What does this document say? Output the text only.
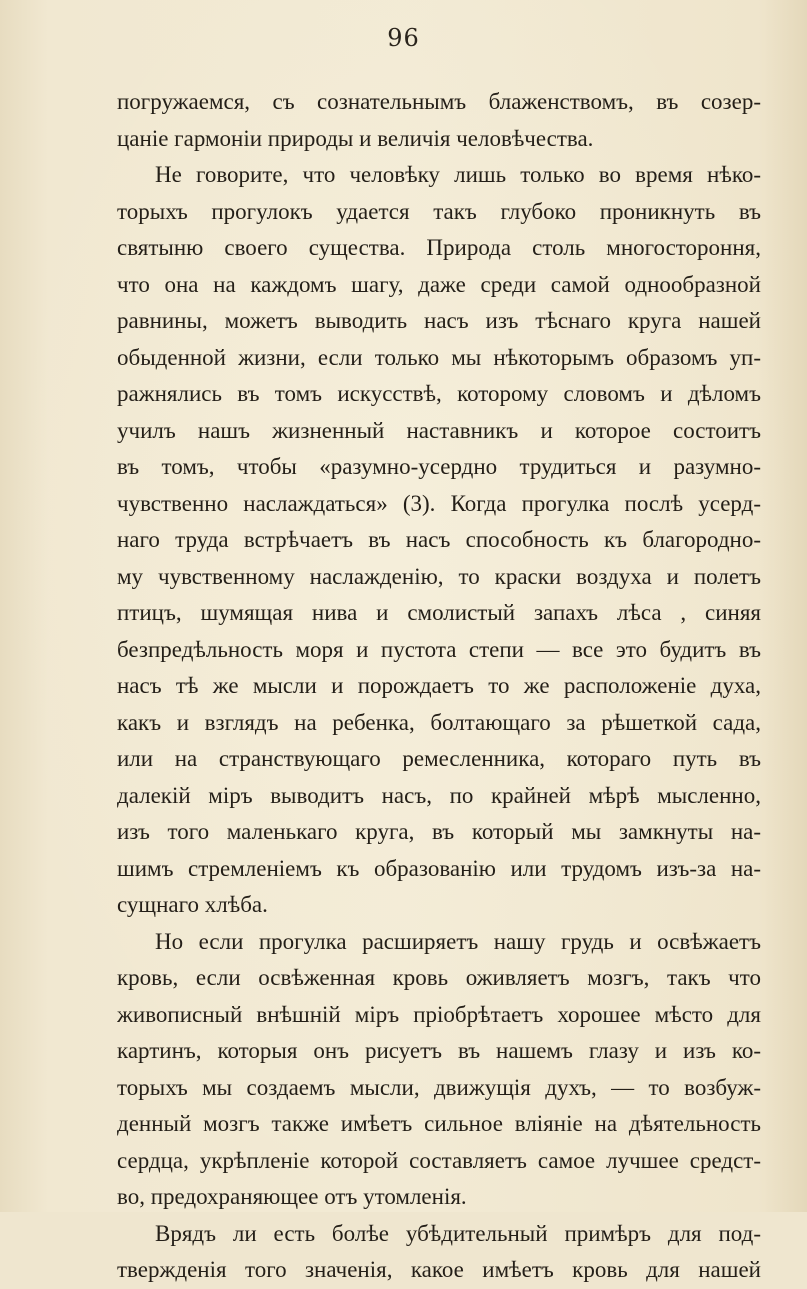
96
погружаемся, съ сознательнымъ блаженствомъ, въ созер-
цанiе гармонiи природы и величiя человѣчества.
Не говорите, что человѣку лишь только во время нѣко-
торыхъ прогулокъ удается такъ глубоко проникнуть въ
святыню своего существа. Природа столь многостороння,
что она на каждомъ шагу, даже среди самой однообразной
равнины, можетъ выводить насъ изъ тѣснаго круга нашей
обыденной жизни, если только мы нѣкоторымъ образомъ уп-
ражнялись въ томъ искусствѣ, которому словомъ и дѣломъ
училъ нашъ жизненный наставникъ и которое состоитъ
въ томъ, чтобы «разумно-усердно трудиться и разумно-
чувственно наслаждаться» (3). Когда прогулка послѣ усерд-
наго труда встрѣчаетъ въ насъ способность къ благородно-
му чувственному наслажденiю, то краски воздуха и полетъ
птицъ, шумящая нива и смолистый запахъ лѣса , синяя
безпредѣльность моря и пустота степи — все это будитъ въ
насъ тѣ же мысли и порождаетъ то же расположенiе духа,
какъ и взглядъ на ребенка, болтающаго за рѣшеткой сада,
или на странствующаго ремесленника, котораго путь въ
далекiй мiръ выводитъ насъ, по крайней мѣрѣ мысленно,
изъ того маленькаго круга, въ который мы замкнуты на-
шимъ стремленiемъ къ образованiю или трудомъ изъ-за на-
сущнаго хлѣба.
Но если прогулка расширяетъ нашу грудь и освѣжаетъ
кровь, если освѣженная кровь оживляетъ мозгъ, такъ что
живописный внѣшнiй мiръ прiобрѣтаетъ хорошее мѣсто для
картинъ, которыя онъ рисуетъ въ нашемъ глазу и изъ ко-
торыхъ мы создаемъ мысли, движущiя духъ, — то возбуж-
денный мозгъ также имѣетъ сильное влiянiе на дѣятельность
сердца, укрѣпленiе которой составляетъ самое лучшее средст-
во, предохраняющее отъ утомленiя.
Врядъ ли есть болѣе убѣдительный примѣръ для под-
твержденiя того значенiя, какое имѣетъ кровь для нашей
